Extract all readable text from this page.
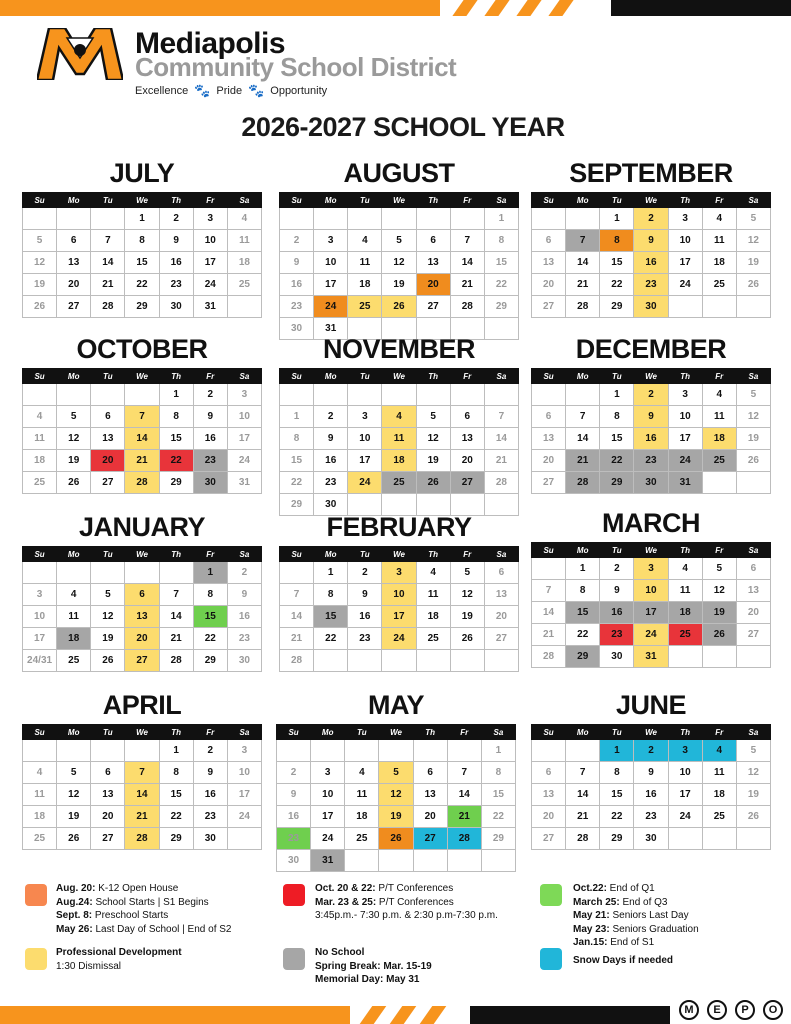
Mediapolis
Community School District
Excellence 🐾 Pride 🐾 Opportunity
2026-2027 SCHOOL YEAR
JULY
Su	Mo	Tu	We	Th	Fr	Sa
			1	2	3	4
5	6	7	8	9	10	11
12	13	14	15	16	17	18
19	20	21	22	23	24	25
26	27	28	29	30	31	
AUGUST
Su	Mo	Tu	We	Th	Fr	Sa
						1
2	3	4	5	6	7	8
9	10	11	12	13	14	15
16	17	18	19	20	21	22
23	24	25	26	27	28	29
30	31					
SEPTEMBER
Su	Mo	Tu	We	Th	Fr	Sa
		1	2	3	4	5
6	7	8	9	10	11	12
13	14	15	16	17	18	19
20	21	22	23	24	25	26
27	28	29	30			
OCTOBER
Su	Mo	Tu	We	Th	Fr	Sa
				1	2	3
4	5	6	7	8	9	10
11	12	13	14	15	16	17
18	19	20	21	22	23	24
25	26	27	28	29	30	31
NOVEMBER
Su	Mo	Tu	We	Th	Fr	Sa

1	2	3	4	5	6	7
8	9	10	11	12	13	14
15	16	17	18	19	20	21
22	23	24	25	26	27	28
29	30					
DECEMBER
Su	Mo	Tu	We	Th	Fr	Sa
		1	2	3	4	5
6	7	8	9	10	11	12
13	14	15	16	17	18	19
20	21	22	23	24	25	26
27	28	29	30	31		
JANUARY
Su	Mo	Tu	We	Th	Fr	Sa
					1	2
3	4	5	6	7	8	9
10	11	12	13	14	15	16
17	18	19	20	21	22	23
24/31	25	26	27	28	29	30
FEBRUARY
Su	Mo	Tu	We	Th	Fr	Sa
	1	2	3	4	5	6
7	8	9	10	11	12	13
14	15	16	17	18	19	20
21	22	23	24	25	26	27
28						
MARCH
Su	Mo	Tu	We	Th	Fr	Sa
	1	2	3	4	5	6
7	8	9	10	11	12	13
14	15	16	17	18	19	20
21	22	23	24	25	26	27
28	29	30	31			
APRIL
Su	Mo	Tu	We	Th	Fr	Sa
				1	2	3
4	5	6	7	8	9	10
11	12	13	14	15	16	17
18	19	20	21	22	23	24
25	26	27	28	29	30	
MAY
Su	Mo	Tu	We	Th	Fr	Sa
						1
2	3	4	5	6	7	8
9	10	11	12	13	14	15
16	17	18	19	20	21	22
23	24	25	26	27	28	29
30	31					
JUNE
Su	Mo	Tu	We	Th	Fr	Sa
		1	2	3	4	5
6	7	8	9	10	11	12
13	14	15	16	17	18	19
20	21	22	23	24	25	26
27	28	29	30			
Aug. 20: K-12 Open House
Aug.24: School Starts | S1 Begins
Sept. 8: Preschool Starts
May 26: Last Day of School | End of S2
Oct. 20 & 22: P/T Conferences
Mar. 23 & 25: P/T Conferences
3:45p.m.- 7:30 p.m. & 2:30 p.m-7:30 p.m.
Oct.22: End of Q1
March 25: End of Q3
May 21: Seniors Last Day
May 23: Seniors Graduation
Jan.15: End of S1
Professional Development
1:30 Dismissal
No School
Spring Break: Mar. 15-19
Memorial Day: May 31
Snow Days if needed
M	E	P	O
